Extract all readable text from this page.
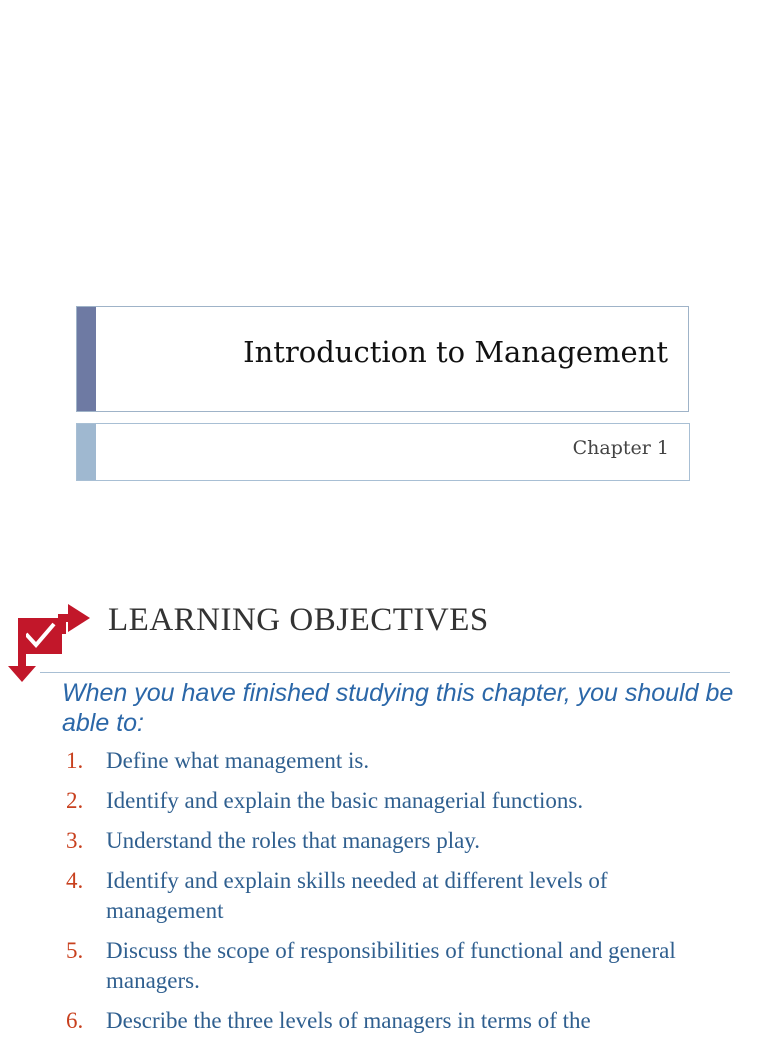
Introduction to Management
Chapter 1
LEARNING OBJECTIVES
When you have finished studying this chapter, you should be able to:
1. Define what management is.
2. Identify and explain the basic managerial functions.
3. Understand the roles that managers play.
4. Identify and explain skills needed at different levels of management
5. Discuss the scope of responsibilities of functional and general managers.
6. Describe the three levels of managers in terms of the
